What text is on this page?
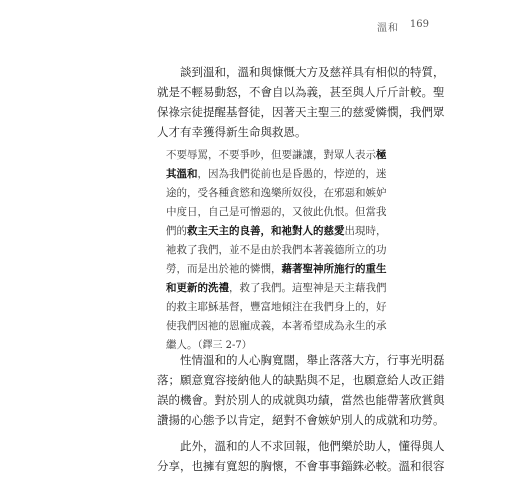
溫和 169
談到溫和，溫和與慷慨大方及慈祥具有相似的特質，
就是不輕易動怒，不會自以為義，甚至與人斤斤計較。聖
保祿宗徒提醒基督徒，因著天主聖三的慈愛憐憫，我們眾
人才有幸獲得新生命與救恩。
不要辱罵，不要爭吵，但要謙讓，對眾人表示極
其溫和，因為我們從前也是昏愚的，悖逆的，迷
途的，受各種貪慾和逸樂所奴役，在邪惡和嫉妒
中度日，自己是可憎惡的，又彼此仇恨。但當我
們的救主天主的良善，和祂對人的慈愛出現時，
祂救了我們，並不是由於我們本著義德所立的功
勞，而是出於祂的憐憫，藉著聖神所施行的重生
和更新的洗禮，救了我們。這聖神是天主藉我們
的救主耶穌基督，豐富地傾注在我們身上的，好
使我們因祂的恩寵成義，本著希望成為永生的承
繼人。（鐸三 2-7）
性情溫和的人心胸寬闊，舉止落落大方，行事光明磊
落；願意寬容接納他人的缺點與不足，也願意給人改正錯
誤的機會。對於別人的成就與功績，當然也能帶著欣賞與
讚揚的心態予以肯定，絕對不會嫉妒別人的成就和功勞。
此外，溫和的人不求回報，他們樂於助人，懂得與人
分享，也擁有寬恕的胸懷，不會事事錙銖必較。溫和很容
